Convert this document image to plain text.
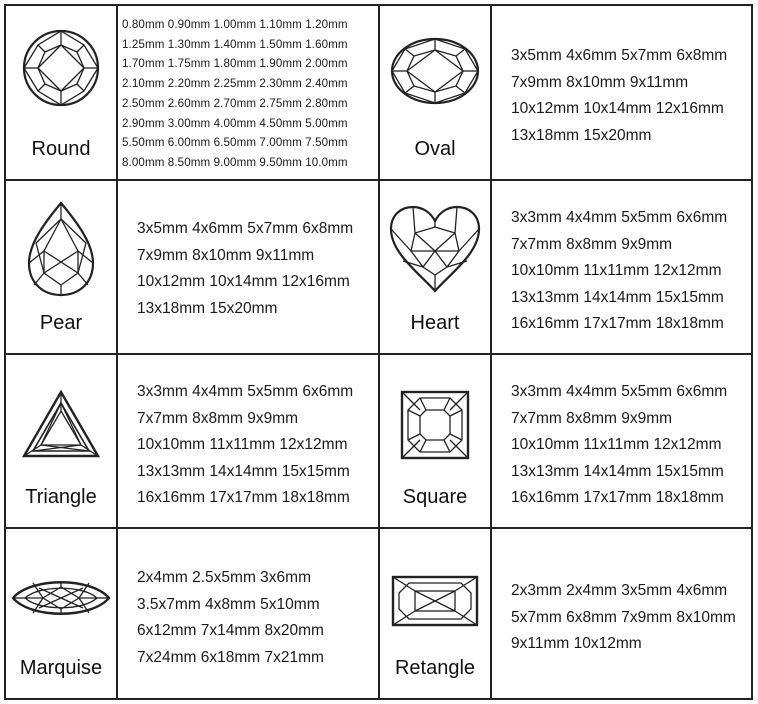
Round
0.80mm 0.90mm 1.00mm 1.10mm 1.20mm
1.25mm 1.30mm 1.40mm 1.50mm 1.60mm
1.70mm 1.75mm 1.80mm 1.90mm 2.00mm
2.10mm 2.20mm 2.25mm 2.30mm 2.40mm
2.50mm 2.60mm 2.70mm 2.75mm 2.80mm
2.90mm 3.00mm 4.00mm 4.50mm 5.00mm
5.50mm 6.00mm 6.50mm 7.00mm 7.50mm
8.00mm 8.50mm 9.00mm 9.50mm 10.0mm
Oval
3x5mm 4x6mm 5x7mm 6x8mm
7x9mm 8x10mm 9x11mm
10x12mm 10x14mm 12x16mm
13x18mm 15x20mm
Pear
3x5mm 4x6mm 5x7mm 6x8mm
7x9mm 8x10mm 9x11mm
10x12mm 10x14mm 12x16mm
13x18mm 15x20mm
Heart
3x3mm 4x4mm 5x5mm 6x6mm
7x7mm 8x8mm 9x9mm
10x10mm 11x11mm 12x12mm
13x13mm 14x14mm 15x15mm
16x16mm 17x17mm 18x18mm
Triangle
3x3mm 4x4mm 5x5mm 6x6mm
7x7mm 8x8mm 9x9mm
10x10mm 11x11mm 12x12mm
13x13mm 14x14mm 15x15mm
16x16mm 17x17mm 18x18mm	Square
3x3mm 4x4mm 5x5mm 6x6mm
7x7mm 8x8mm 9x9mm
10x10mm 11x11mm 12x12mm
13x13mm 14x14mm 15x15mm
16x16mm 17x17mm 18x18mm
Marquise
2x4mm 2.5x5mm 3x6mm
3.5x7mm 4x8mm 5x10mm
6x12mm 7x14mm 8x20mm
7x24mm 6x18mm 7x21mm	Retangle
2x3mm 2x4mm 3x5mm 4x6mm
5x7mm 6x8mm 7x9mm 8x10mm
9x11mm 10x12mm
